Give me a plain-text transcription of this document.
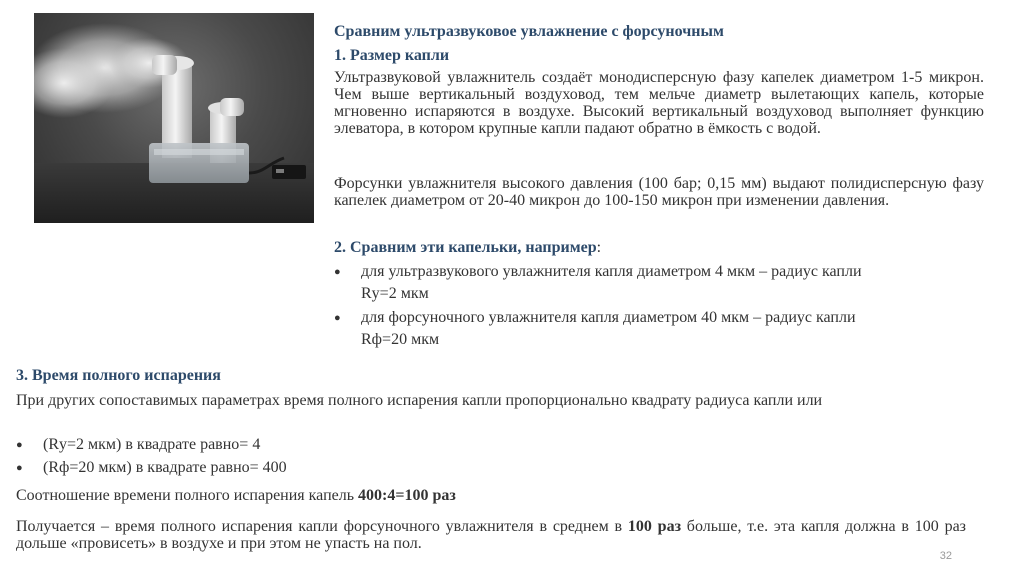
Сравним ультразвуковое увлажнение с форсуночным
1. Размер капли
Ультразвуковой увлажнитель создаёт монодисперсную фазу капелек диаметром 1-5 микрон. Чем выше вертикальный воздуховод, тем мельче диаметр вылетающих капель, которые мгновенно испаряются в воздухе. Высокий вертикальный воздуховод выполняет функцию элеватора, в котором крупные капли падают обратно в ёмкость с водой.
Форсунки увлажнителя высокого давления (100 бар; 0,15 мм) выдают полидисперсную фазу капелек диаметром от 20-40 микрон до 100-150 микрон при изменении давления.
2. Сравним эти капельки, например:
● для ультразвукового увлажнителя капля диаметром 4 мкм – радиус капли
Rу=2 мкм
● для форсуночного увлажнителя капля диаметром 40 мкм – радиус капли
Rф=20 мкм
3. Время полного испарения
При других сопоставимых параметрах время полного испарения капли пропорционально квадрату радиуса капли или
● (Rу=2 мкм) в квадрате равно= 4
● (Rф=20 мкм) в квадрате равно= 400
Соотношение времени полного испарения капель 400:4=100 раз
Получается – время полного испарения капли форсуночного увлажнителя в среднем в 100 раз больше, т.е. эта капля должна в 100 раз дольше «провисеть» в воздухе и при этом не упасть на пол.
32
